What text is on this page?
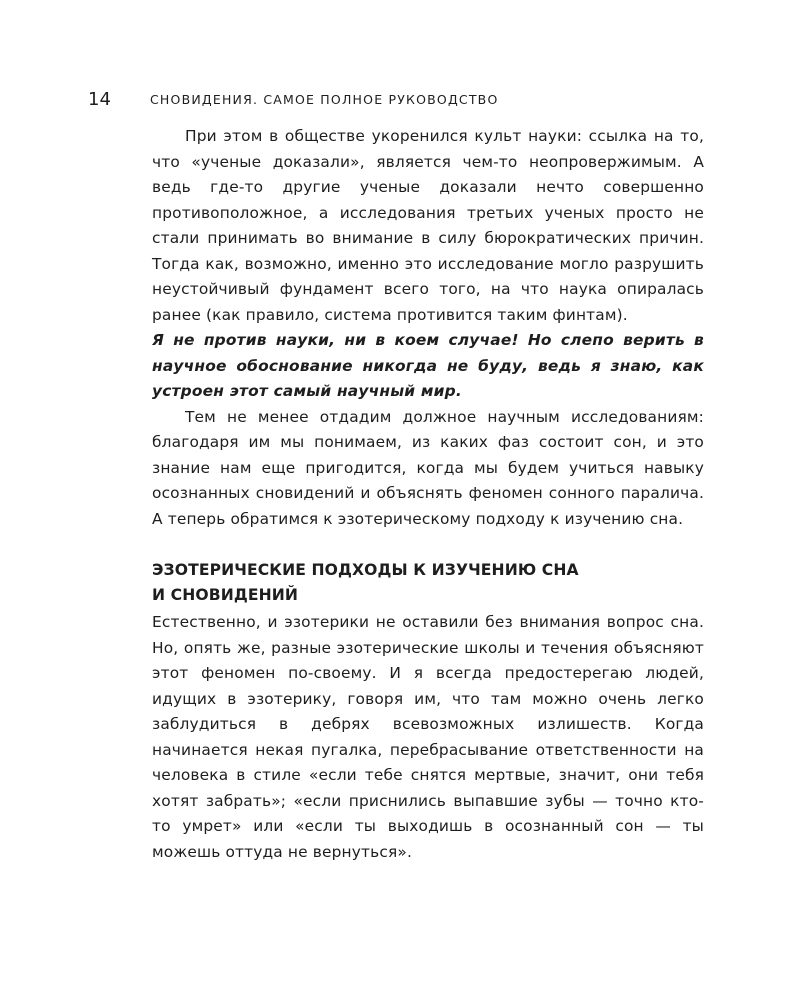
14	СНОВИДЕНИЯ. САМОЕ ПОЛНОЕ РУКОВОДСТВО

При этом в обществе укоренился культ науки: ссылка на то, что «ученые доказали», является чем-то неопровержимым. А ведь где-то другие ученые доказали нечто совершенно противоположное, а исследования третьих ученых просто не стали принимать во внимание в силу бюрократических причин. Тогда как, возможно, именно это исследование могло разрушить неустойчивый фундамент всего того, на что наука опиралась ранее (как правило, система противится таким финтам).

Я не против науки, ни в коем случае! Но слепо верить в научное обоснование никогда не буду, ведь я знаю, как устроен этот самый научный мир.

Тем не менее отдадим должное научным исследованиям: благодаря им мы понимаем, из каких фаз состоит сон, и это знание нам еще пригодится, когда мы будем учиться навыку осознанных сновидений и объяснять феномен сонного паралича. А теперь обратимся к эзотерическому подходу к изучению сна.

ЭЗОТЕРИЧЕСКИЕ ПОДХОДЫ К ИЗУЧЕНИЮ СНА
И СНОВИДЕНИЙ

Естественно, и эзотерики не оставили без внимания вопрос сна. Но, опять же, разные эзотерические школы и течения объясняют этот феномен по-своему. И я всегда предостерегаю людей, идущих в эзотерику, говоря им, что там можно очень легко заблудиться в дебрях всевозможных излишеств. Когда начинается некая пугалка, перебрасывание ответственности на человека в стиле «если тебе снятся мертвые, значит, они тебя хотят забрать»; «если приснились выпавшие зубы — точно кто-то умрет» или «если ты выходишь в осознанный сон — ты можешь оттуда не вернуться».
